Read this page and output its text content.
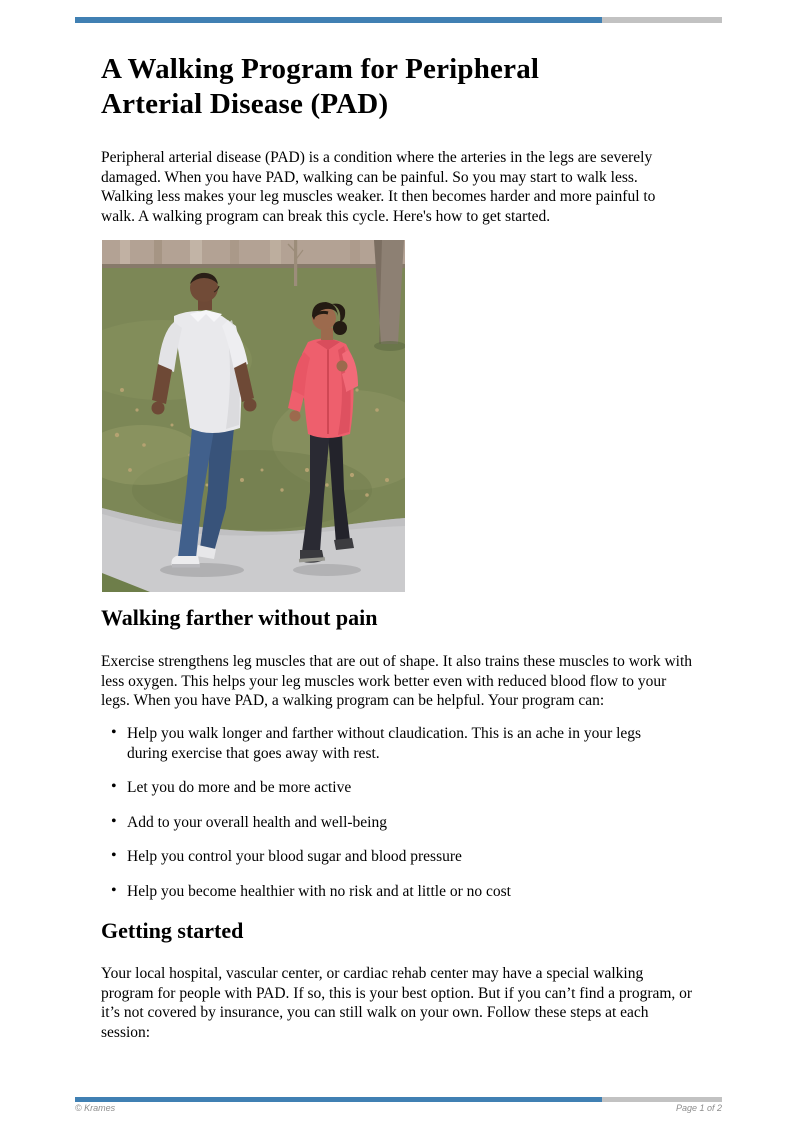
A Walking Program for Peripheral
Arterial Disease (PAD)

Peripheral arterial disease (PAD) is a condition where the arteries in the legs are severely damaged. When you have PAD, walking can be painful. So you may start to walk less. Walking less makes your leg muscles weaker. It then becomes harder and more painful to walk. A walking program can break this cycle. Here's how to get started.

Walking farther without pain

Exercise strengthens leg muscles that are out of shape. It also trains these muscles to work with less oxygen. This helps your leg muscles work better even with reduced blood flow to your legs. When you have PAD, a walking program can be helpful. Your program can:

• Help you walk longer and farther without claudication. This is an ache in your legs during exercise that goes away with rest.
• Let you do more and be more active
• Add to your overall health and well-being
• Help you control your blood sugar and blood pressure
• Help you become healthier with no risk and at little or no cost
Getting started

Your local hospital, vascular center, or cardiac rehab center may have a special walking program for people with PAD. If so, this is your best option. But if you can’t find a program, or it’s not covered by insurance, you can still walk on your own. Follow these steps at each session:

© Krames	Page 1 of 2
